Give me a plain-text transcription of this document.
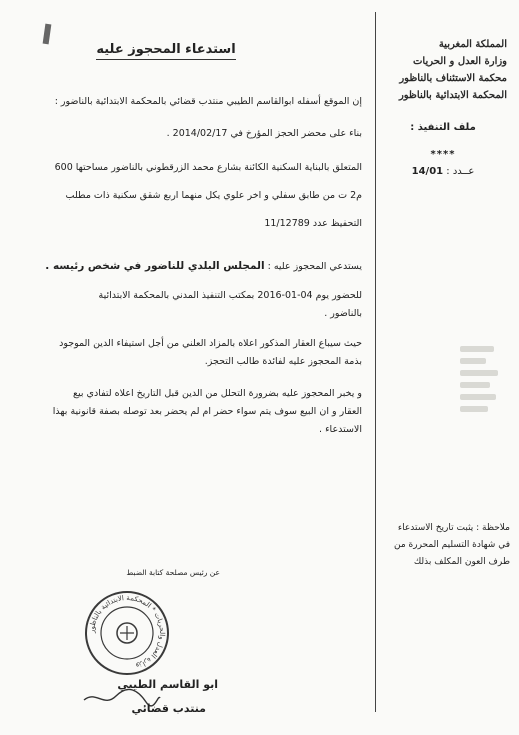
المملكة المغربية
وزارة العدل و الحريات
محكمة الاستئناف بالناظور
المحكمة الابتدائية بالناظور
ملف التنفيذ :
****
عــدد : 14/01
ملاحظة : يثبت تاريخ الاستدعاء
في شهادة التسليم المحررة من
طرف العون المكلف بذلك
استدعاء المحجوز عليه
إن الموقع أسفله ابوالقاسم الطيبي منتدب قضائي بالمحكمة الابتدائية بالناضور :
بناء على محضر الحجز المؤرخ في 2014/02/17 .
المتعلق بالبناية السكنية الكائنة بشارع محمد الزرقطوني بالناضور مساحتها 600
م2 ت من طابق سفلي و اخر علوي يكل منهما اربع شقق سكنية ذات مطلب
التحفيظ عدد 11/12789
يستدعي المحجوز عليه : المجلس البلدي للناضور في شخص رئيسه .
للحضور يوم 04-01-2016 بمكتب التنفيذ المدني بالمحكمة الابتدائية
بالناضور .
حيث سيباع العقار المذكور اعلاه بالمزاد العلني من أجل استيفاء الدين الموجود
بذمة المحجوز عليه لفائدة طالب التحجز.
و يخبر المحجوز عليه بضرورة التحلل من الدين قبل التاريخ اعلاه لتفادي بيع
العقار و ان البيع سوف يتم سواء حضر ام لم يحضر بعد توصله بصفة قانونية بهذا
الاستدعاء .
عن رئيس مصلحة كتابة الضبط
وزارة العدل والحريات * المحكمة الابتدائية بالناظور
ابو القاسم الطيبي
منتدب قضائي
